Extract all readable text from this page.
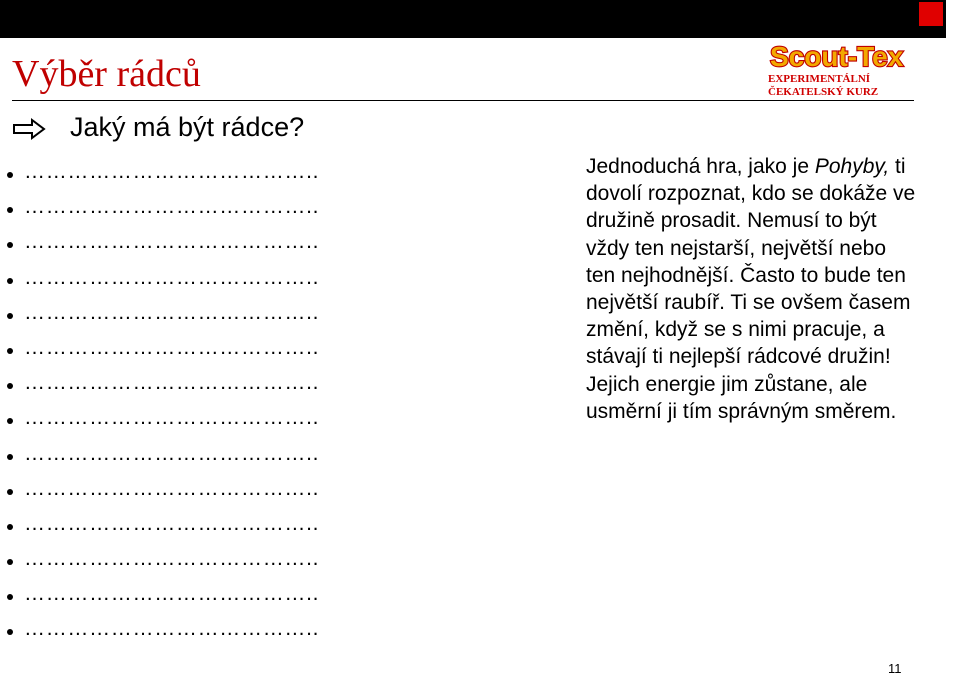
Scout-Tex
EXPERIMENTÁLNÍ
ČEKATELSKÝ KURZ
Výběr rádců
Jaký má být rádce?
…………………………………..
…………………………………..
…………………………………..
…………………………………..
…………………………………..
…………………………………..
…………………………………..
…………………………………..
…………………………………..
…………………………………..
…………………………………..
…………………………………..
…………………………………..
…………………………………..

Jednoduchá hra, jako je Pohyby, ti dovolí rozpoznat, kdo se dokáže ve družině prosadit. Nemusí to být vždy ten nejstarší, největší nebo ten nejhodnější. Často to bude ten největší raubíř. Ti se ovšem časem změní, když se s nimi pracuje, a stávají ti nejlepší rádcové družin! Jejich energie jim zůstane, ale usměrní ji tím správným směrem.

11
